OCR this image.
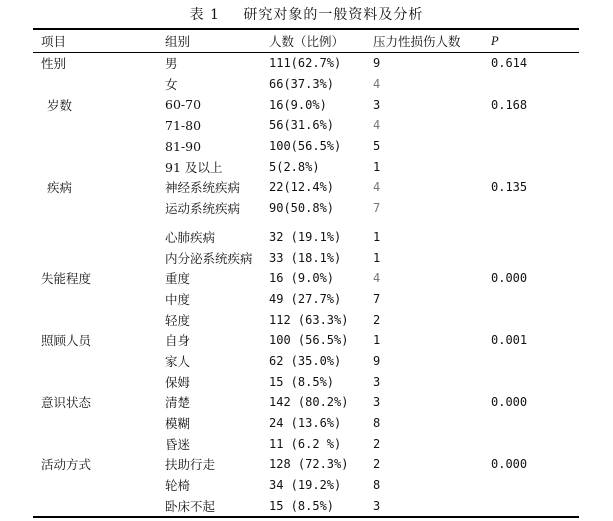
表 1 研究对象的一般资料及分析
项目	组别	人数（比例）	压力性损伤人数	P
性别	男	111(62.7%)	9	0.614
	女	66(37.3%)	4	
岁数	60-70	16(9.0%)	3	0.168
	71-80	56(31.6%)	4	
	81-90	100(56.5%)	5	
	91 及以上	5(2.8%)	1	
疾病	神经系统疾病	22(12.4%)	4	0.135
	运动系统疾病	90(50.8%)	7	

	心肺疾病	32 (19.1%)	1	
	内分泌系统疾病	33 (18.1%)	1	
失能程度	重度	16 (9.0%)	4	0.000
	中度	49 (27.7%)	7	
	轻度	112 (63.3%)	2	
照顾人员	自身	100 (56.5%)	1	0.001
	家人	62 (35.0%)	9	
	保姆	15 (8.5%)	3	
意识状态	清楚	142 (80.2%)	3	0.000
	模糊	24 (13.6%)	8	
	昏迷	11 (6.2 %)	2	
活动方式	扶助行走	128 (72.3%)	2	0.000
	轮椅	34 (19.2%)	8	
	卧床不起	15 (8.5%)	3	
